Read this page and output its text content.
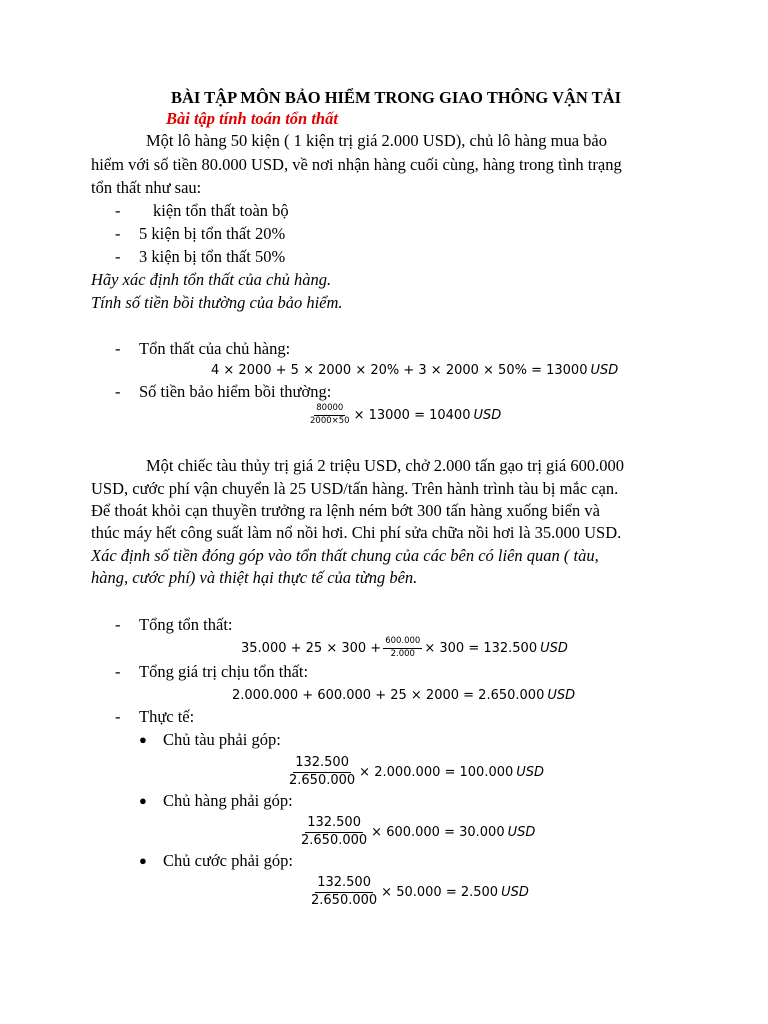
BÀI TẬP MÔN BẢO HIỂM TRONG GIAO THÔNG VẬN TẢI
Bài tập tính toán tổn thất
Một lô hàng 50 kiện ( 1 kiện trị giá 2.000 USD), chủ lô hàng mua bảo
hiểm với số tiền 80.000 USD, về nơi nhận hàng cuối cùng, hàng trong tình trạng
tổn thất như sau:
- kiện tổn thất toàn bộ
- 5 kiện bị tổn thất 20%
- 3 kiện bị tổn thất 50%
Hãy xác định tổn thất của chủ hàng.
Tính số tiền bồi thường của bảo hiểm.
- Tổn thất của chủ hàng:
4 × 2000 + 5 × 2000 × 20% + 3 × 2000 × 50% = 13000 USD
- Số tiền bảo hiểm bồi thường:
$\frac{80000}{2000\times 50} \times 13000 = 10400$ USD
Một chiếc tàu thủy trị giá 2 triệu USD, chở 2.000 tấn gạo trị giá 600.000
USD, cước phí vận chuyển là 25 USD/tấn hàng. Trên hành trình tàu bị mắc cạn.
Để thoát khỏi cạn thuyền trưởng ra lệnh ném bớt 300 tấn hàng xuống biển và
thúc máy hết công suất làm nổ nồi hơi. Chi phí sửa chữa nồi hơi là 35.000 USD.
Xác định số tiền đóng góp vào tổn thất chung của các bên có liên quan ( tàu,
hàng, cước phí) và thiệt hại thực tế của từng bên.
- Tổng tổn thất:
$35.000 + 25 \times 300 + \frac{600.000}{2.000} \times 300 = 132.500$ USD
- Tổng giá trị chịu tổn thất:
2.000.000 + 600.000 + 25 × 2000 = 2.650.000 USD
- Thực tế:
● Chủ tàu phải góp:
$\frac{132.500}{2.650.000} \times 2.000.000 = 100.000$ USD
● Chủ hàng phải góp:
$\frac{132.500}{2.650.000} \times 600.000 = 30.000$ USD
● Chủ cước phải góp:
$\frac{132.500}{2.650.000} \times 50.000 = 2.500$ USD
